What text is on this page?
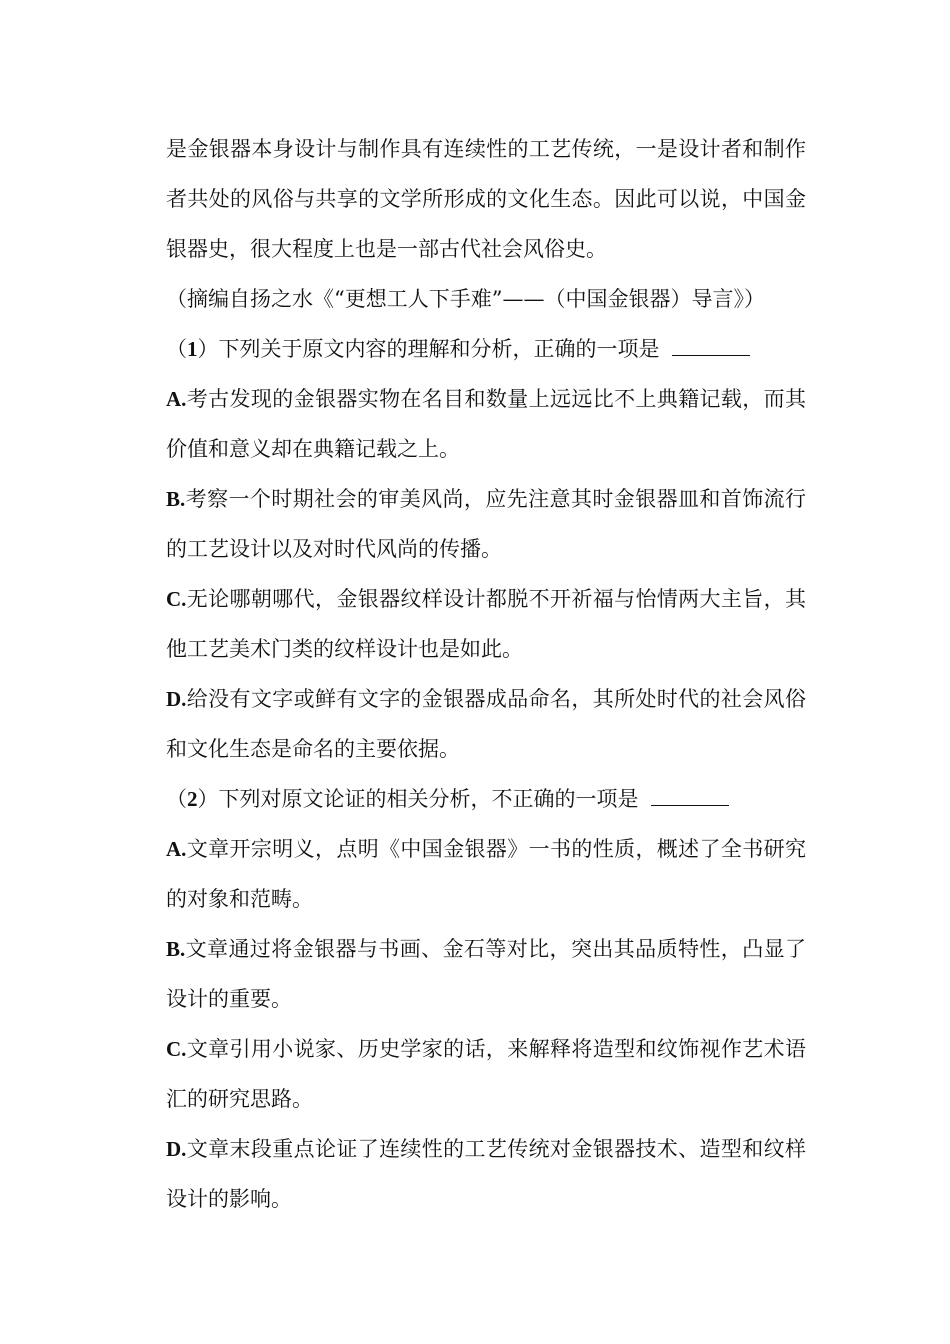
是金银器本身设计与制作具有连续性的工艺传统，一是设计者和制作者共处的风俗与共享的文学所形成的文化生态。因此可以说，中国金银器史，很大程度上也是一部古代社会风俗史。

（摘编自扬之水《“更想工人下手难”——（中国金银器）导言》）

（1）下列关于原文内容的理解和分析，正确的一项是

A.考古发现的金银器实物在名目和数量上远远比不上典籍记载，而其价值和意义却在典籍记载之上。

B.考察一个时期社会的审美风尚，应先注意其时金银器皿和首饰流行的工艺设计以及对时代风尚的传播。

C.无论哪朝哪代，金银器纹样设计都脱不开祈福与怡情两大主旨，其他工艺美术门类的纹样设计也是如此。

D.给没有文字或鲜有文字的金银器成品命名，其所处时代的社会风俗和文化生态是命名的主要依据。

（2）下列对原文论证的相关分析，不正确的一项是

A.文章开宗明义，点明《中国金银器》一书的性质，概述了全书研究的对象和范畴。

B.文章通过将金银器与书画、金石等对比，突出其品质特性，凸显了设计的重要。

C.文章引用小说家、历史学家的话，来解释将造型和纹饰视作艺术语汇的研究思路。

D.文章末段重点论证了连续性的工艺传统对金银器技术、造型和纹样设计的影响。
